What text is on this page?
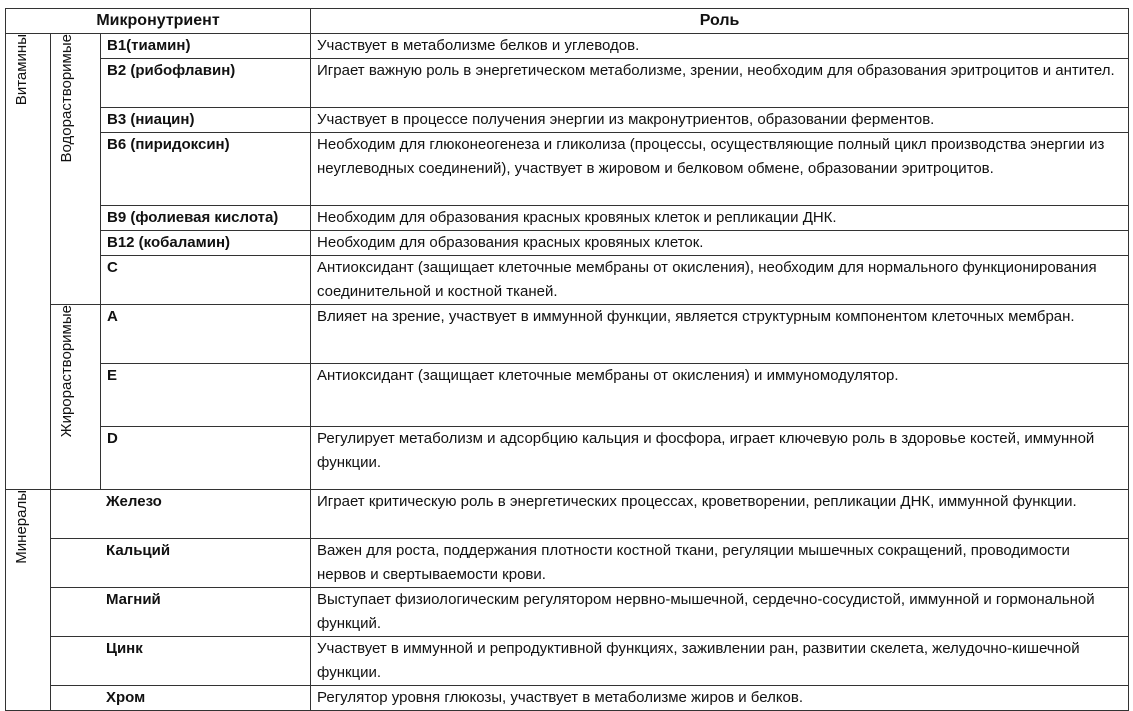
Микронутриент			Роль
Витамины	Водорастворимые	B1(тиамин)	Участвует в метаболизме белков и углеводов.
		B2 (рибофлавин)	Играет важную роль в энергетическом метаболизме, зрении, необходим для образования эритроцитов и антител.
		B3 (ниацин)	Участвует в процессе получения энергии из макронутриентов, образовании ферментов.
		B6 (пиридоксин)	Необходим для глюконеогенеза и гликолиза (процессы, осуществляющие полный цикл производства энергии из неуглеводных соединений), участвует в жировом и белковом обмене, образовании эритроцитов.
		B9 (фолиевая кислота)	Необходим для образования красных кровяных клеток и репликации ДНК.
		B12 (кобаламин)	Необходим для образования красных кровяных клеток.
		C	Антиоксидант (защищает клеточные мембраны от окисления), необходим для нормального функционирования соединительной и костной тканей.
	Жирорастворимые	A	Влияет на зрение, участвует в иммунной функции, является структурным компонентом клеточных мембран.
		E	Антиоксидант (защищает клеточные мембраны от окисления) и иммуномодулятор.
		D	Регулирует метаболизм и адсорбцию кальция и фосфора, играет ключевую роль в здоровье костей, иммунной функции.
Минералы	Железо		Играет критическую роль в энергетических процессах, кроветворении, репликации ДНК, иммунной функции.
	Кальций		Важен для роста, поддержания плотности костной ткани, регуляции мышечных сокращений, проводимости нервов и свертываемости крови.
	Магний		Выступает физиологическим регулятором нервно-мышечной, сердечно-сосудистой, иммунной и гормональной функций.
	Цинк		Участвует в иммунной и репродуктивной функциях, заживлении ран, развитии скелета, желудочно-кишечной функции.
	Хром		Регулятор уровня глюкозы, участвует в метаболизме жиров и белков.
